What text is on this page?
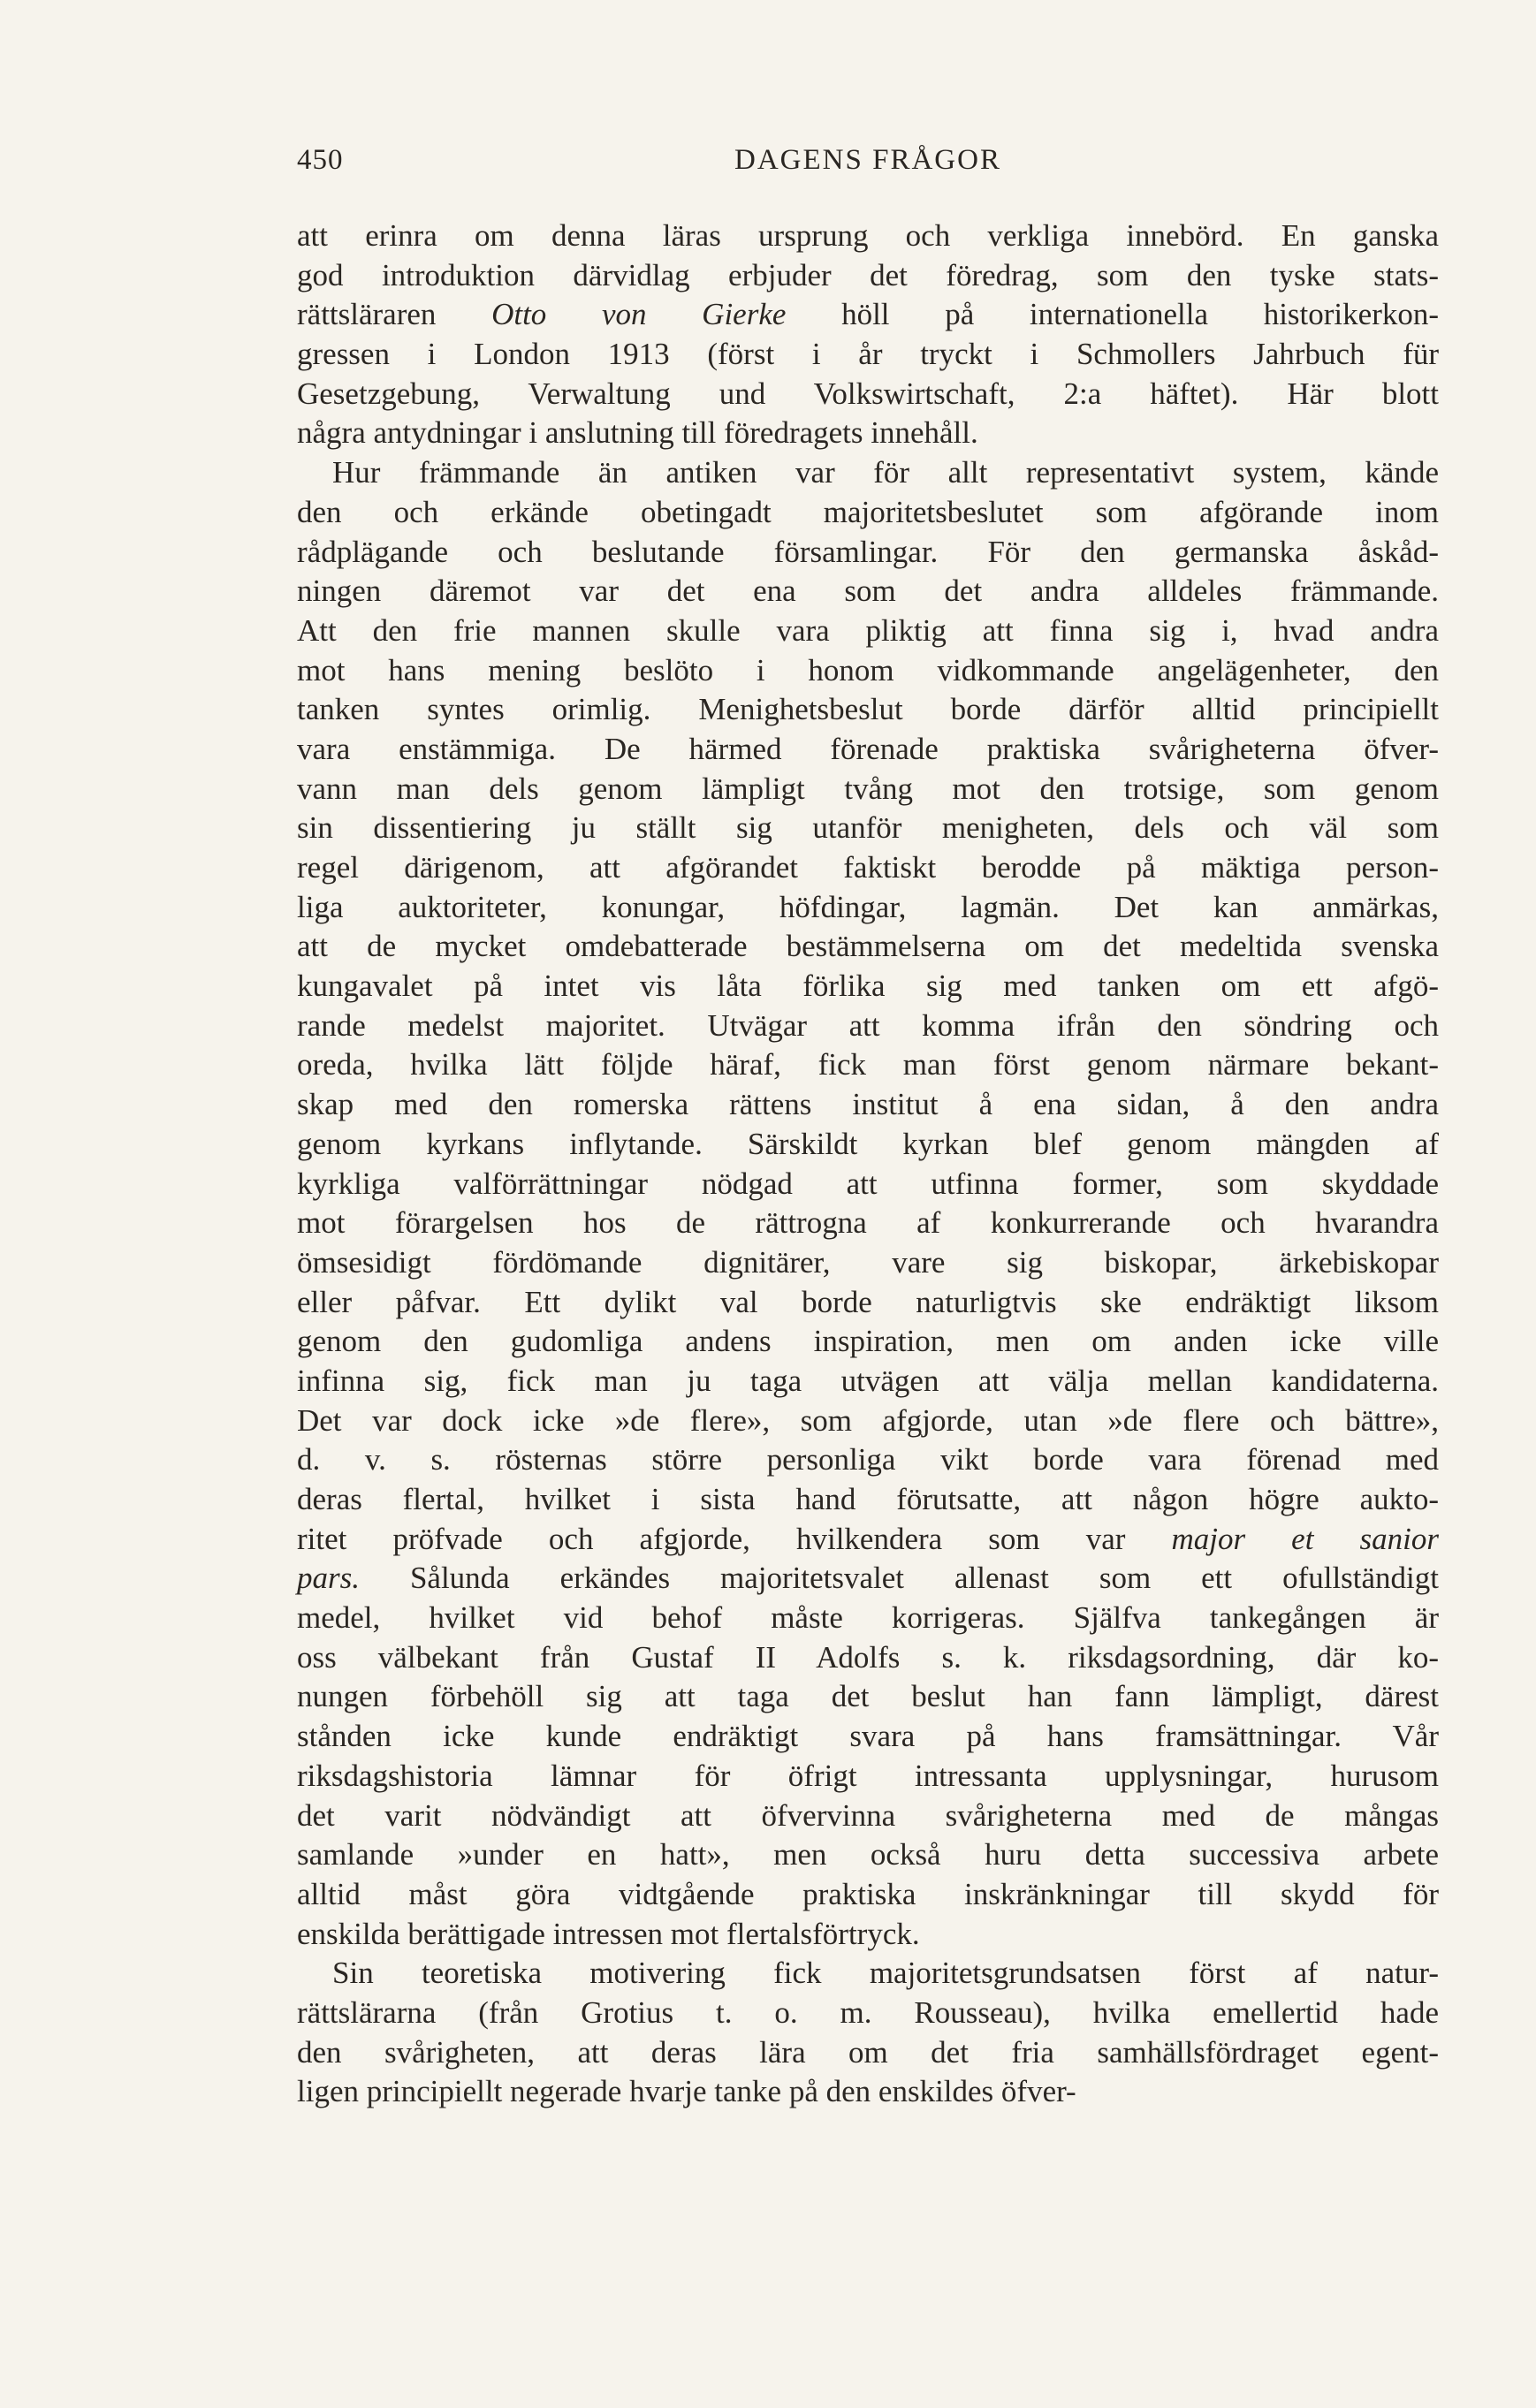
450	DAGENS FRÅGOR
att erinra om denna läras ursprung och verkliga innebörd. En ganska
god introduktion därvidlag erbjuder det föredrag, som den tyske stats-
rättsläraren Otto von Gierke höll på internationella historikerkon-
gressen i London 1913 (först i år tryckt i Schmollers Jahrbuch für
Gesetzgebung, Verwaltung und Volkswirtschaft, 2:a häftet). Här blott
några antydningar i anslutning till föredragets innehåll.
Hur främmande än antiken var för allt representativt system, kände
den och erkände obetingadt majoritetsbeslutet som afgörande inom
rådplägande och beslutande församlingar. För den germanska åskåd-
ningen däremot var det ena som det andra alldeles främmande.
Att den frie mannen skulle vara pliktig att finna sig i, hvad andra
mot hans mening beslöto i honom vidkommande angelägenheter, den
tanken syntes orimlig. Menighetsbeslut borde därför alltid principiellt
vara enstämmiga. De härmed förenade praktiska svårigheterna öfver-
vann man dels genom lämpligt tvång mot den trotsige, som genom
sin dissentiering ju ställt sig utanför menigheten, dels och väl som
regel därigenom, att afgörandet faktiskt berodde på mäktiga person-
liga auktoriteter, konungar, höfdingar, lagmän. Det kan anmärkas,
att de mycket omdebatterade bestämmelserna om det medeltida svenska
kungavalet på intet vis låta förlika sig med tanken om ett afgö-
rande medelst majoritet. Utvägar att komma ifrån den söndring och
oreda, hvilka lätt följde häraf, fick man först genom närmare bekant-
skap med den romerska rättens institut å ena sidan, å den andra
genom kyrkans inflytande. Särskildt kyrkan blef genom mängden af
kyrkliga valförrättningar nödgad att utfinna former, som skyddade
mot förargelsen hos de rättrogna af konkurrerande och hvarandra
ömsesidigt fördömande dignitärer, vare sig biskopar, ärkebiskopar
eller påfvar. Ett dylikt val borde naturligtvis ske endräktigt liksom
genom den gudomliga andens inspiration, men om anden icke ville
infinna sig, fick man ju taga utvägen att välja mellan kandidaterna.
Det var dock icke »de flere», som afgjorde, utan »de flere och bättre»,
d. v. s. rösternas större personliga vikt borde vara förenad med
deras flertal, hvilket i sista hand förutsatte, att någon högre aukto-
ritet pröfvade och afgjorde, hvilkendera som var major et sanior
pars. Sålunda erkändes majoritetsvalet allenast som ett ofullständigt
medel, hvilket vid behof måste korrigeras. Själfva tankegången är
oss välbekant från Gustaf II Adolfs s. k. riksdagsordning, där ko-
nungen förbehöll sig att taga det beslut han fann lämpligt, därest
stånden icke kunde endräktigt svara på hans framsättningar. Vår
riksdagshistoria lämnar för öfrigt intressanta upplysningar, hurusom
det varit nödvändigt att öfvervinna svårigheterna med de mångas
samlande »under en hatt», men också huru detta successiva arbete
alltid måst göra vidtgående praktiska inskränkningar till skydd för
enskilda berättigade intressen mot flertalsförtryck.
Sin teoretiska motivering fick majoritetsgrundsatsen först af natur-
rättslärarna (från Grotius t. o. m. Rousseau), hvilka emellertid hade
den svårigheten, att deras lära om det fria samhällsfördraget egent-
ligen principiellt negerade hvarje tanke på den enskildes öfver-
